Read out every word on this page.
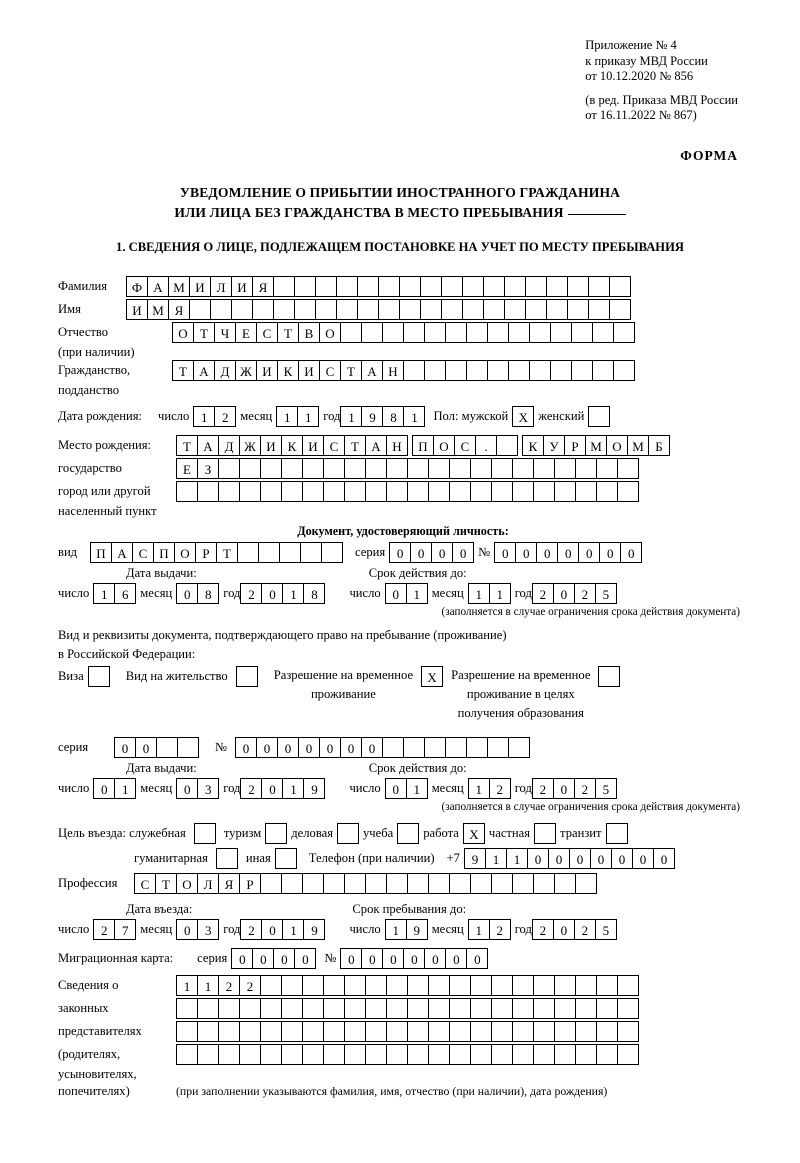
Приложение № 4
к приказу МВД России
от 10.12.2020 № 856
(в ред. Приказа МВД России
от 16.11.2022 № 867)
ФОРМА
УВЕДОМЛЕНИЕ О ПРИБЫТИИ ИНОСТРАННОГО ГРАЖДАНИНА
ИЛИ ЛИЦА БЕЗ ГРАЖДАНСТВА В МЕСТО ПРЕБЫВАНИЯ
1. СВЕДЕНИЯ О ЛИЦЕ, ПОДЛЕЖАЩЕМ ПОСТАНОВКЕ НА УЧЕТ ПО МЕСТУ ПРЕБЫВАНИЯ
Фамилия	Ф А М И Л И Я
Имя	И М Я
Отчество	О Т Ч Е С Т В О
(при наличии)
Гражданство,	Т А Д Ж И К И С Т А Н
подданство
Дата рождения: число 1	2 месяц 1	1 год 1	9	8	1	Пол: мужской X женский
Место рождения:	Т А Д Ж И К И С Т А Н	П О С	.	К У Р М О М Б
государство	Е	З
город или другой
населенный пункт
Документ, удостоверяющий личность:
вид	П А С П О Р	Т	серия 0	0	0	0 № 0	0	0	0	0	0	0
Дата выдачи:	Срок действия до:
число 1	6 месяц 0	8 год 2	0	1	8	число 0	1 месяц 1	1 год 2	0	2	5
(заполняется в случае ограничения срока действия документа)
Вид и реквизиты документа, подтверждающего право на пребывание (проживание)
в Российской Федерации:
Виза	Вид на жительство	Разрешение на временное
проживание
X	Разрешение на временное
проживание в целях
получения образования
серия	0	0	№	0	0	0	0	0	0	0
Дата выдачи:	Срок действия до:
число 0	1 месяц 0	3 год 2	0	1	9	число 0	1 месяц 1	2 год 2	0	2	5
(заполняется в случае ограничения срока действия документа)
Цель въезда: служебная	туризм деловая учеба работа X частная транзит
гуманитарная	иная	Телефон (при наличии) +7 9	1	1	0	0	0	0	0	0	0
Профессия	С Т О Л Я	Р
Дата въезда:	Срок пребывания до:
число 2	7 месяц 0	3 год 2	0	1	9	число 1	9 месяц 1	2 год 2	0	2	5
Миграционная карта: серия 0	0	0	0	№ 0	0	0	0	0	0	0
Сведения о	1	1	2	2
законных
представителях
(родителях,
усыновителях,
попечителях)	(при заполнении указываются фамилия, имя, отчество (при наличии), дата рождения)
